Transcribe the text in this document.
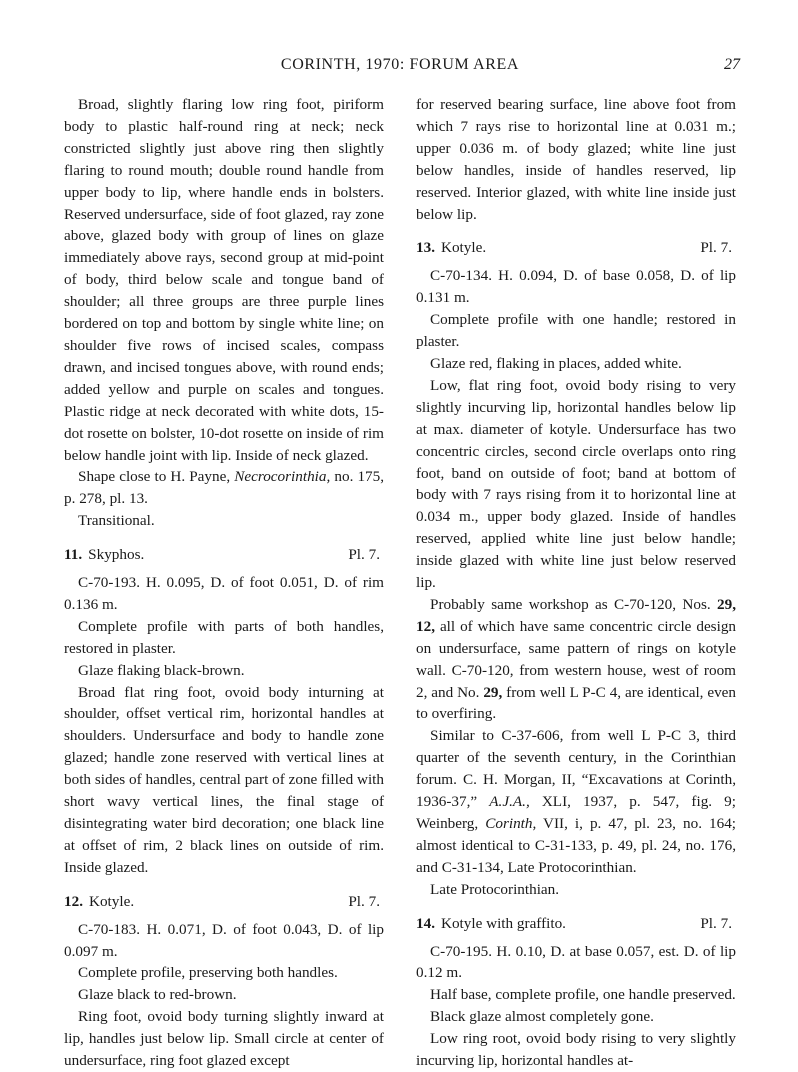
CORINTH, 1970: FORUM AREA	27

Broad, slightly flaring low ring foot, piriform body to plastic half-round ring at neck; neck constricted slightly just above ring then slightly flaring to round mouth; double round handle from upper body to lip, where handle ends in bolsters. Reserved undersurface, side of foot glazed, ray zone above, glazed body with group of lines on glaze immediately above rays, second group at mid-point of body, third below scale and tongue band of shoulder; all three groups are three purple lines bordered on top and bottom by single white line; on shoulder five rows of incised scales, compass drawn, and incised tongues above, with round ends; added yellow and purple on scales and tongues. Plastic ridge at neck decorated with white dots, 15-dot rosette on bolster, 10-dot rosette on inside of rim below handle joint with lip. Inside of neck glazed.

Shape close to H. Payne, Necrocorinthia, no. 175, p. 278, pl. 13.

Transitional.

11. Skyphos.	Pl. 7.

C-70-193. H. 0.095, D. of foot 0.051, D. of rim 0.136 m.

Complete profile with parts of both handles, restored in plaster.

Glaze flaking black-brown.

Broad flat ring foot, ovoid body inturning at shoulder, offset vertical rim, horizontal handles at shoulders. Undersurface and body to handle zone glazed; handle zone reserved with vertical lines at both sides of handles, central part of zone filled with short wavy vertical lines, the final stage of disintegrating water bird decoration; one black line at offset of rim, 2 black lines on outside of rim. Inside glazed.

12. Kotyle.	Pl. 7.

C-70-183. H. 0.071, D. of foot 0.043, D. of lip 0.097 m.

Complete profile, preserving both handles.

Glaze black to red-brown.

Ring foot, ovoid body turning slightly inward at lip, handles just below lip. Small circle at center of undersurface, ring foot glazed except

for reserved bearing surface, line above foot from which 7 rays rise to horizontal line at 0.031 m.; upper 0.036 m. of body glazed; white line just below handles, inside of handles reserved, lip reserved. Interior glazed, with white line inside just below lip.

13. Kotyle.	Pl. 7.

C-70-134. H. 0.094, D. of base 0.058, D. of lip 0.131 m.

Complete profile with one handle; restored in plaster.

Glaze red, flaking in places, added white.

Low, flat ring foot, ovoid body rising to very slightly incurving lip, horizontal handles below lip at max. diameter of kotyle. Undersurface has two concentric circles, second circle overlaps onto ring foot, band on outside of foot; band at bottom of body with 7 rays rising from it to horizontal line at 0.034 m., upper body glazed. Inside of handles reserved, applied white line just below handle; inside glazed with white line just below reserved lip.

Probably same workshop as C-70-120, Nos. 29, 12, all of which have same concentric circle design on undersurface, same pattern of rings on kotyle wall. C-70-120, from western house, west of room 2, and No. 29, from well L P-C 4, are identical, even to overfiring.

Similar to C-37-606, from well L P-C 3, third quarter of the seventh century, in the Corinthian forum. C. H. Morgan, II, “Excavations at Corinth, 1936-37,” A.J.A., XLI, 1937, p. 547, fig. 9; Weinberg, Corinth, VII, i, p. 47, pl. 23, no. 164; almost identical to C-31-133, p. 49, pl. 24, no. 176, and C-31-134, Late Protocorinthian.

Late Protocorinthian.

14. Kotyle with graffito.	Pl. 7.

C-70-195. H. 0.10, D. at base 0.057, est. D. of lip 0.12 m.

Half base, complete profile, one handle preserved.

Black glaze almost completely gone.

Low ring root, ovoid body rising to very slightly incurving lip, horizontal handles at-
